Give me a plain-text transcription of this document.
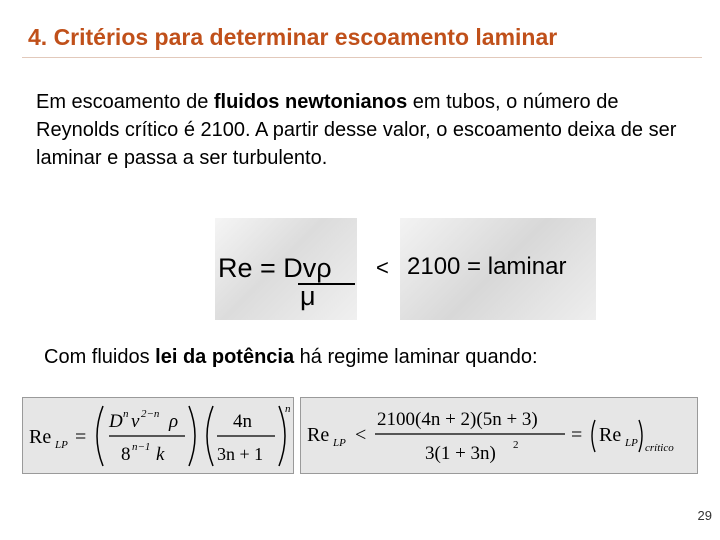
4. Critérios para determinar escoamento laminar
Em escoamento de fluidos newtonianos em tubos, o número de Reynolds crítico é 2100. A partir desse valor, o escoamento deixa de ser laminar e passa a ser turbulento.
Re = Dvρ
μ
< 2100 = laminar
Com fluidos lei da potência há regime laminar quando:
Re LP =
D n v 2−n ρ
8 n−1 k
4n
3n + 1
n
Re LP <
2100(4n + 2)(5n + 3)
3(1 + 3n) 2	= Re LP crítico
29
